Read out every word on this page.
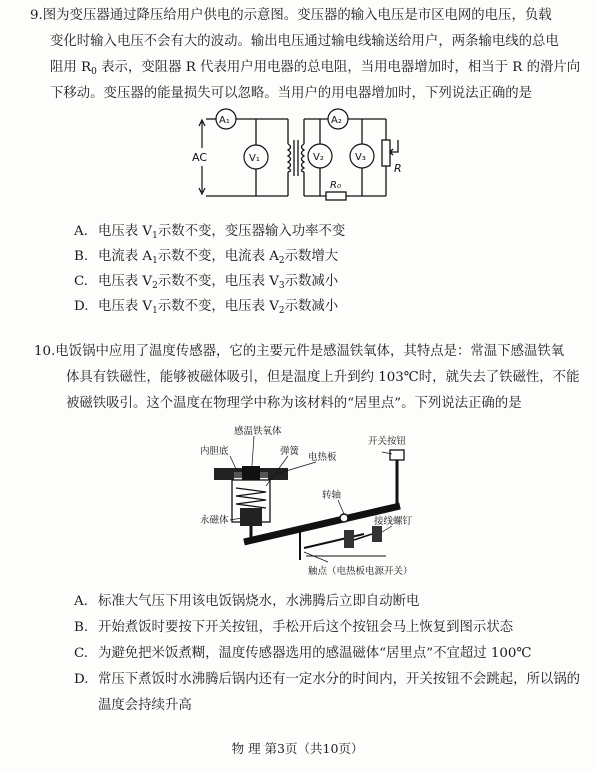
9.图为变压器通过降压给用户供电的示意图。变压器的输入电压是市区电网的电压，负载
变化时输入电压不会有大的波动。输出电压通过输电线输送给用户，两条输电线的总电
阻用 $R_0$ 表示，变阻器 R 代表用户用电器的总电阻，当用电器增加时，相当于 R 的滑片向
下移动。变压器的能量损失可以忽略。当用户的用电器增加时，下列说法正确的是
AC
A₁	A₂
V₁	V₂	V₃
R
R₀
A. 电压表 $V_1$示数不变，变压器输入功率不变
B. 电流表 $A_1$示数不变，电流表 $A_2$示数增大
C. 电压表 $V_2$示数不变，电压表 $V_3$示数减小
D. 电压表 $V_1$示数不变，电压表 $V_2$示数减小
10.电饭锅中应用了温度传感器，它的主要元件是感温铁氧体，其特点是：常温下感温铁氧
体具有铁磁性，能够被磁体吸引，但是温度上升到约 103℃时，就失去了铁磁性，不能
被磁铁吸引。这个温度在物理学中称为该材料的“居里点”。下列说法正确的是
感温铁氧体
内胆底	弹簧
电热板
开关按钮
转轴
永磁体	接线螺钉
触点（电热板电源开关）
A. 标准大气压下用该电饭锅烧水，水沸腾后立即自动断电
B. 开始煮饭时要按下开关按钮，手松开后这个按钮会马上恢复到图示状态
C. 为避免把米饭煮糊，温度传感器选用的感温磁体“居里点”不宜超过 100℃
D. 常压下煮饭时水沸腾后锅内还有一定水分的时间内，开关按钮不会跳起，所以锅的
温度会持续升高
物 理 第3页（共10页）
